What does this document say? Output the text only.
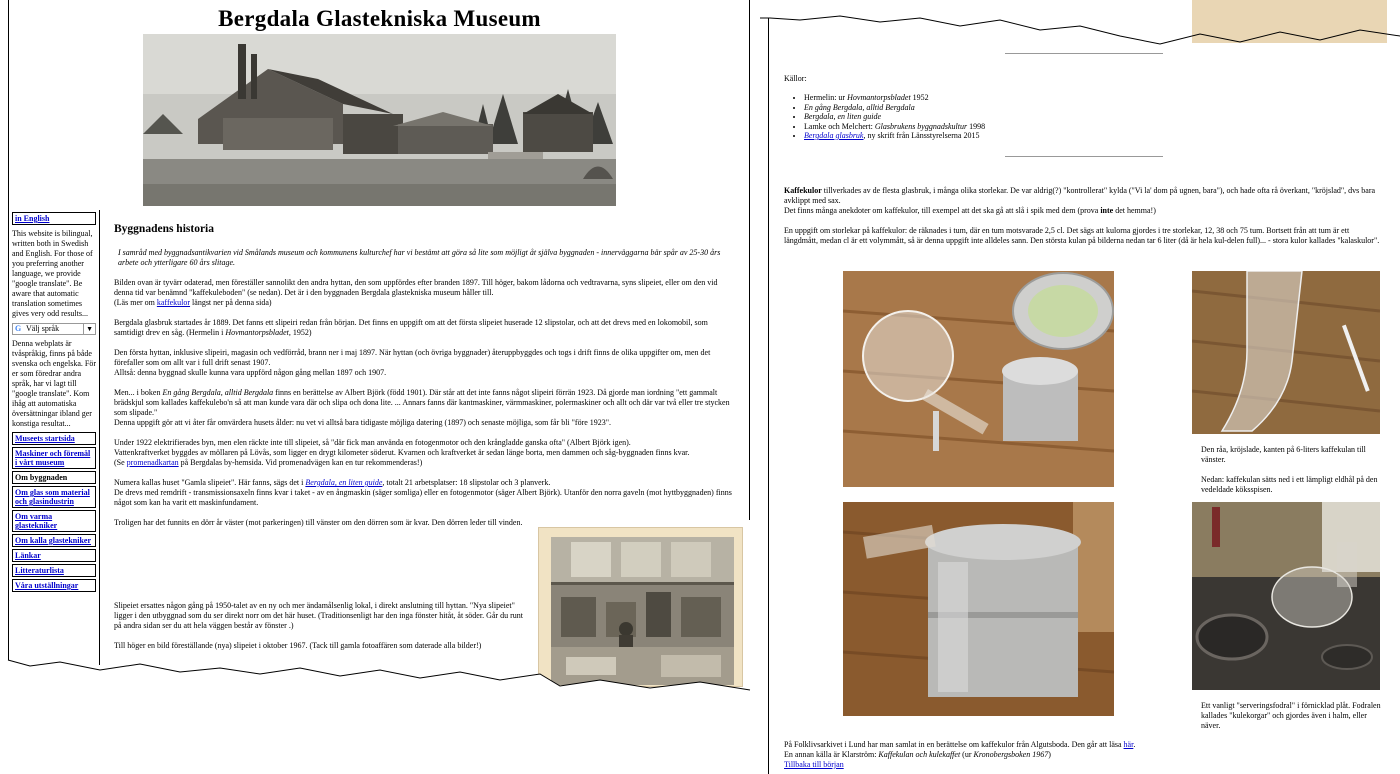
Bergdala Glastekniska Museum
in English
This website is bilingual, written both in Swedish and English. For those of you preferring another language, we provide "google translate". Be aware that automatic translation sometimes gives very odd results...
G Välj språk	▼
Denna webplats är tvåspråkig, finns på både svenska och engelska. För er som föredrar andra språk, har vi lagt till "google translate". Kom ihåg att automatiska översättningar ibland ger konstiga resultat...
Museets startsida
Maskiner och föremål i vårt museum
Om byggnaden
Om glas som material och glasindustrin
Om varma glastekniker
Om kalla glastekniker
Länkar
Litteraturlista
Våra utställningar
Byggnadens historia

I samråd med byggnadsantikvarien vid Smålands museum och kommunens kulturchef har vi bestämt att göra så lite som möjligt åt själva byggnaden - innerväggarna bär spår av 25-30 års arbete och ytterligare 60 års slitage.

Bilden ovan är tyvärr odaterad, men föreställer sannolikt den andra hyttan, den som uppfördes efter branden 1897. Till höger, bakom lådorna och vedtravarna, syns slipeiet, eller om den vid denna tid var benämnd "kaffekuleboden" (se nedan). Det är i den byggnaden Bergdala glastekniska museum håller till.
(Läs mer om kaffekulor längst ner på denna sida)

Bergdala glasbruk startades år 1889. Det fanns ett slipeiri redan från början. Det finns en uppgift om att det första slipeiet huserade 12 slipstolar, och att det drevs med en lokomobil, som samtidigt drev en såg. (Hermelin i Hovmantorpsbladet, 1952)

Den första hyttan, inklusive slipeiri, magasin och vedförråd, brann ner i maj 1897. När hyttan (och övriga byggnader) återuppbyggdes och togs i drift finns de olika uppgifter om, men det förefaller som om allt var i full drift senast 1907.
Alltså: denna byggnad skulle kunna vara uppförd någon gång mellan 1897 och 1907.

Men... i boken En gång Bergdala, alltid Bergdala finns en berättelse av Albert Björk (född 1901). Där står att det inte fanns något slipeiri förrän 1923. Då gjorde man iordning "ett gammalt brädskjul som kallades kaffekulebo'n så att man kunde vara där och slipa och dona lite. ... Annars fanns där kantmaskiner, värmmaskiner, polermaskiner och allt och där var två eller tre stycken som slipade."
Denna uppgift gör att vi åter får omvärdera husets ålder: nu vet vi alltså bara tidigaste möjliga datering (1897) och senaste möjliga, som får bli "före 1923".

Under 1922 elektrifierades byn, men elen räckte inte till slipeiet, så "där fick man använda en fotogenmotor och den krångladde ganska ofta" (Albert Björk igen).
Vattenkraftverket byggdes av möllaren på Lövås, som ligger en drygt kilometer söderut. Kvarnen och kraftverket är sedan länge borta, men dammen och såg-byggnaden finns kvar.
(Se promenadkartan på Bergdalas by-hemsida. Vid promenadvägen kan en tur rekommenderas!)

Numera kallas huset "Gamla slipeiet". Här fanns, sägs det i Bergdala, en liten guide, totalt 21 arbetsplatser: 18 slipstolar och 3 planverk.
De drevs med remdrift - transmissionsaxeln finns kvar i taket - av en ångmaskin (säger somliga) eller en fotogenmotor (säger Albert Björk). Utanför den norra gaveln (mot hyttbyggnaden) finns något som kan ha varit ett maskinfundament.

Troligen har det funnits en dörr år väster (mot parkeringen) till vänster om den dörren som är kvar. Den dörren leder till vinden.

Slipeiet ersattes någon gång på 1950-talet av en ny och mer ändamålsenlig lokal, i direkt anslutning till hyttan. "Nya slipeiet" ligger i den utbyggnad som du ser direkt norr om det här huset. (Traditionsenligt har den inga fönster hitåt, åt söder. Går du runt på andra sidan ser du att hela väggen består av fönster .)

Till höger en bild föreställande (nya) slipeiet i oktober 1967. (Tack till gamla fotoaffären som daterade alla bilder!)

Källor:
• Hermelin: ur Hovmantorpsbladet 1952
• En gång Bergdala, alltid Bergdala
• Bergdala, en liten guide
• Lamke och Melchert: Glasbrukens byggnadskultur 1998
• Bergdala glasbruk, ny skrift från Länsstyrelserna 2015

Kaffekulor tillverkades av de flesta glasbruk, i många olika storlekar. De var aldrig(?) "kontrollerat" kylda ("Vi la' dom på ugnen, bara"), och hade ofta rå överkant, "kröjslad", dvs bara avklippt med sax.
Det finns många anekdoter om kaffekulor, till exempel att det ska gå att slå i spik med dem (prova inte det hemma!)

En uppgift om storlekar på kaffekulor: de räknades i tum, där en tum motsvarade 2,5 cl. Det sägs att kulorna gjordes i tre storlekar, 12, 38 och 75 tum. Bortsett från att tum är ett längdmått, medan cl är ett volymmått, så är denna uppgift inte alldeles sann. Den största kulan på bilderna nedan tar 6 liter (då är hela kul-delen full)... - stora kulor kallades "kalaskulor".

Den råa, kröjslade, kanten på 6-liters kaffekulan till vänster.

Nedan: kaffekulan sätts ned i ett lämpligt eldhål på den vedeldade köksspisen.

Ett vanligt "serveringsfodral" i förnicklad plåt. Fodralen kallades "kulekorgar" och gjordes även i halm, eller näver.
På Folklivsarkivet i Lund har man samlat in en berättelse om kaffekulor från Algutsboda. Den går att läsa här.
En annan källa är Klarström: Kaffekulan och kulekaffet (ur Kronobergsboken 1967)
Tillbaka till början
